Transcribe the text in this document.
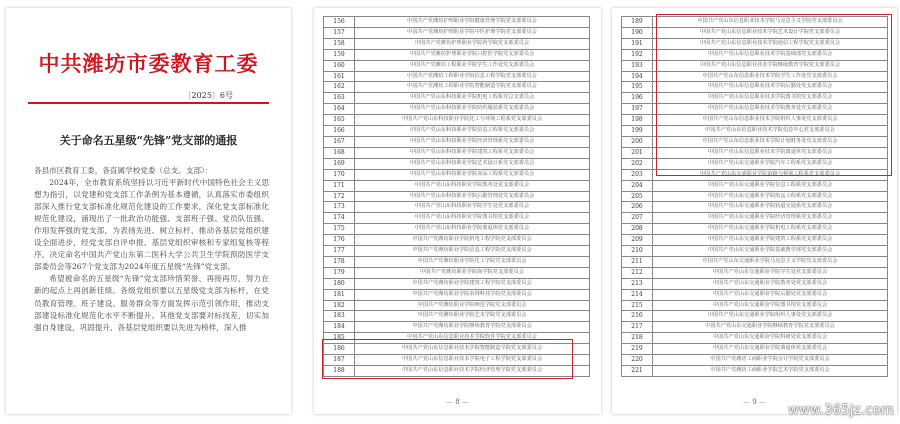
中共潍坊市委教育工委
〔2025〕6号
关于命名五星级“先锋”党支部的通报

各县市区教育工委，各直属学校党委（总支、支部）：

2024年，全市教育系统坚持以习近平新时代中国特色社会主义思想为指引，以党建和党支部工作条例为基本遵循，认真落实市委组织部深入推行党支部标准化规范化建设的工作要求，深化党支部标准化规范化建设，涌现出了一批政治功能强、支部班子强、党员队伍强、作用发挥强的党支部，为表扬先进、树立标杆、推动各基层党组织建设全面进步，经党支部自评申报、基层党组织审核和专家组复核等程序，决定命名中国共产党山东第二医科大学公共卫生学院预防医学支部委员会等267个党支部为2024年度五星级“先锋”党支部。

希望被命名的五星级“先锋”党支部珍惜荣誉、再接再厉，努力在新的起点上再创新佳绩。各级党组织要以五星级党支部为标杆，在党员教育管理、班子建设、服务群众等方面发挥示范引领作用，推动支部建设标准化规范化水平不断提升。其他党支部要对标找差，切实加强自身建设，巩固提升、各基层党组织要以先进为榜样，深入推

156	中国共产党潍坊护理职业学院健康管理学院党支部委员会
157	中国共产党潍坊护理职业学院中医护理学院党支部委员会
158	中国共产党潍坊护理职业学院药学院党支部委员会
159	中国共产党潍坊护理职业学院口腔医学院党支部委员会
160	中国共产党潍坊工程职业学院学生工作处党支部委员会
161	中国共产党潍坊工程职业学院信息工程学院党支部委员会
162	中国共产党潍坊工程职业学院智能制造学院党支部委员会
163	中国共产党山东科技职业学院机电工程系党总支委员会
164	中国共产党山东科技职业学院纺织服装系党支部委员会
165	中国共产党山东科技职业学院化工与环境工程系党支部委员会
166	中国共产党山东科技职业学院信息工程系党支部委员会
167	中国共产党山东科技职业学院经济管理系党支部委员会
168	中国共产党山东科技职业学院建筑工程系党支部委员会
169	中国共产党山东科技职业学院艺术设计系党支部委员会
170	中国共产党山东科技职业学院食品工程系党支部委员会
171	中国共产党山东科技职业学院教务处党支部委员会
172	中国共产党山东科技职业学院后勤管理处党支部委员会
173	中国共产党山东科技职业学院学生处党支部委员会
174	中国共产党山东科技职业学院图书馆党支部委员会
175	中国共产党山东科技职业学院离退休党支部委员会
176	中国共产党潍坊职业学院机电工程学院党支部委员会
177	中国共产党潍坊职业学院信息工程学院党支部委员会
178	中国共产党潍坊职业学院化工学院党支部委员会
179	中国共产党潍坊职业学院商学院党支部委员会
180	中国共产党潍坊职业学院建筑工程学院党支部委员会
181	中国共产党潍坊职业学院农林科技学院党支部委员会
182	中国共产党潍坊职业学院师范学院党支部委员会
183	中国共产党潍坊职业学院艺术学院党支部委员会
184	中国共产党潍坊职业学院继续教育学院党支部委员会
185	中国共产党山东信息职业技术学院软件学院党支部委员会
186	中国共产党山东信息职业技术学院智能制造学院党支部委员会
187	中国共产党山东信息职业技术学院电子工程学院党支部委员会
188	中国共产党山东信息职业技术学院经济管理学院党支部委员会
— 8 —
189	中国共产党山东信息职业技术学院马克思主义学院党支部委员会
190	中国共产党山东信息职业技术学院艺术设计学院党支部委员会
191	中国共产党山东信息职业技术学院通信工程学院党支部委员会
192	中国共产党山东信息职业技术学院基础部党支部委员会
193	中国共产党山东信息职业技术学院继续教育学院党支部委员会
194	中国共产党山东信息职业技术学院学生工作处党支部委员会
195	中国共产党山东信息职业技术学院后勤处党支部委员会
196	中国共产党山东信息职业技术学院图书馆党支部委员会
197	中国共产党山东信息职业技术学院教务处党支部委员会
198	中国共产党山东信息职业技术学院组织人事处党支部委员会
199	中国共产党山东信息职业技术学院信息中心党支部委员会
200	中国共产党山东信息职业技术学院计划财务处党支部委员会
201	中国共产党山东信息职业技术学院离退休党支部委员会
202	中国共产党山东交通职业学院汽车工程系党支部委员会
203	中国共产党山东交通职业学院道路与桥梁工程系党支部委员会
204	中国共产党山东交通职业学院信息工程系党支部委员会
205	中国共产党山东交通职业学院航运工程系党支部委员会
206	中国共产党山东交通职业学院轨道交通系党支部委员会
207	中国共产党山东交通职业学院经济管理系党支部委员会
208	中国共产党山东交通职业学院机电工程系党支部委员会
209	中国共产党山东交通职业学院建筑工程系党支部委员会
210	中国共产党山东交通职业学院基础教学部党支部委员会
211	中国共产党山东交通职业学院马克思主义学院党支部委员会
212	中国共产党山东交通职业学院学生处党支部委员会
213	中国共产党山东交通职业学院教务处党支部委员会
214	中国共产党山东交通职业学院后勤处党支部委员会
215	中国共产党山东交通职业学院图书馆党支部委员会
216	中国共产党山东交通职业学院组织人事处党支部委员会
217	中国共产党山东交通职业学院继续教育学院党支部委员会
218	中国共产党山东交通职业学院科研处党支部委员会
219	中国共产党山东交通职业学院离退休党支部委员会
220	中国共产党潍坊工商职业学院会计学院党支部委员会
221	中国共产党潍坊工商职业学院艺术学院党支部委员会
— 9 —
www.365jz.com
